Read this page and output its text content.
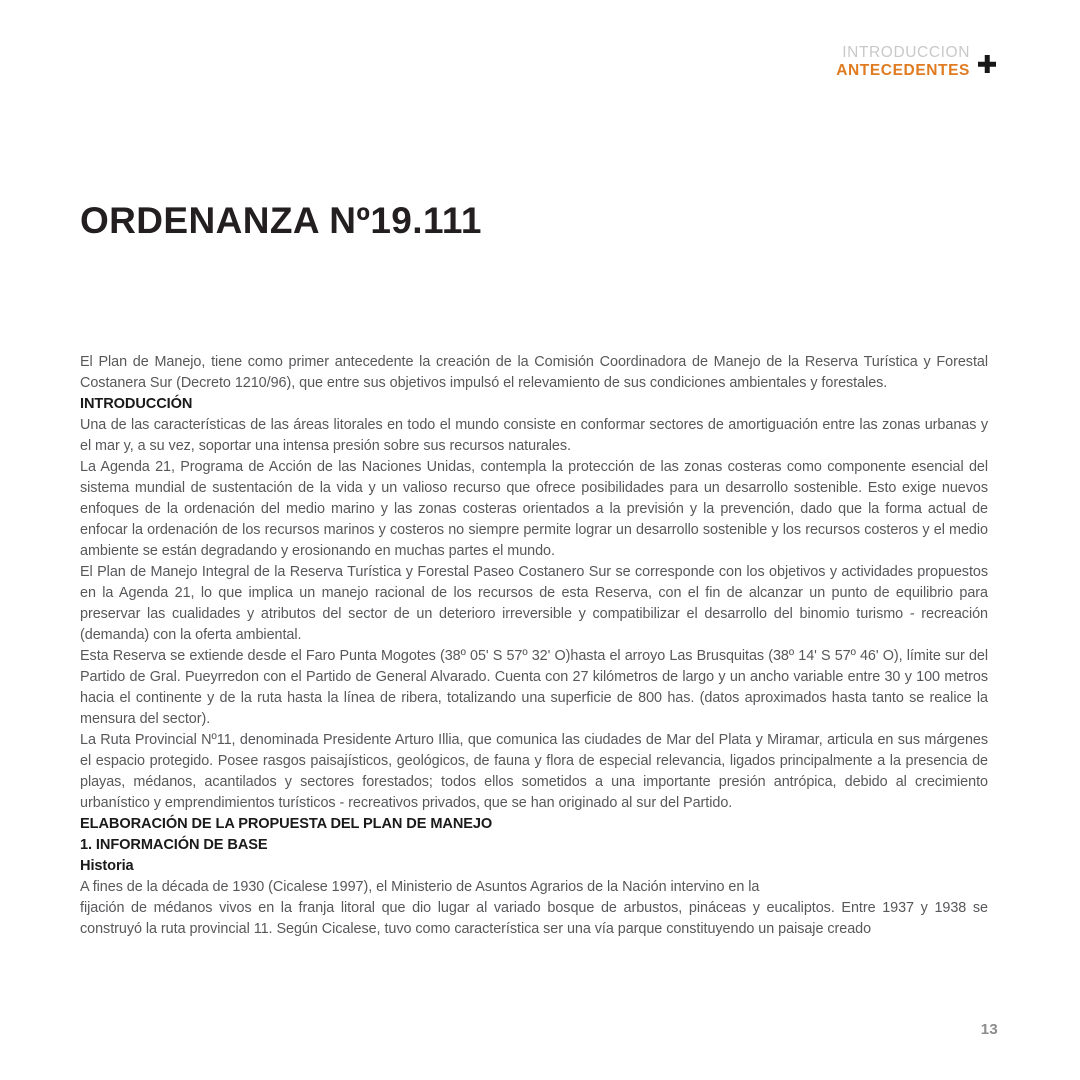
INTRODUCCION
ANTECEDENTES
ORDENANZA Nº19.111

El Plan de Manejo, tiene como primer antecedente la creación de la Comisión Coordinadora de Manejo de la Reserva Turística y Forestal Costanera Sur (Decreto 1210/96), que entre sus objetivos impulsó el relevamiento de sus condiciones ambientales y forestales.

INTRODUCCIÓN

Una de las características de las áreas litorales en todo el mundo consiste en conformar sectores de amortiguación entre las zonas urbanas y el mar y, a su vez, soportar una intensa presión sobre sus recursos naturales.

La Agenda 21, Programa de Acción de las Naciones Unidas, contempla la protección de las zonas costeras como componente esencial del sistema mundial de sustentación de la vida y un valioso recurso que ofrece posibilidades para un desarrollo sostenible. Esto exige nuevos enfoques de la ordenación del medio marino y las zonas costeras orientados a la previsión y la prevención, dado que la forma actual de enfocar la ordenación de los recursos marinos y costeros no siempre permite lograr un desarrollo sostenible y los recursos costeros y el medio ambiente se están degradando y erosionando en muchas partes el mundo.

El Plan de Manejo Integral de la Reserva Turística y Forestal Paseo Costanero Sur se corresponde con los objetivos y actividades propuestos en la Agenda 21, lo que implica un manejo racional de los recursos de esta Reserva, con el fin de alcanzar un punto de equilibrio para preservar las cualidades y atributos del sector de un deterioro irreversible y compatibilizar el desarrollo del binomio turismo - recreación (demanda) con la oferta ambiental.

Esta Reserva se extiende desde el Faro Punta Mogotes (38º 05' S 57º 32' O)hasta el arroyo Las Brusquitas (38º 14' S 57º 46' O), límite sur del Partido de Gral. Pueyrredon con el Partido de General Alvarado. Cuenta con 27 kilómetros de largo y un ancho variable entre 30 y 100 metros hacia el continente y de la ruta hasta la línea de ribera, totalizando una superficie de 800 has. (datos aproximados hasta tanto se realice la mensura del sector).

La Ruta Provincial Nº11, denominada Presidente Arturo Illia, que comunica las ciudades de Mar del Plata y Miramar, articula en sus márgenes el espacio protegido. Posee rasgos paisajísticos, geológicos, de fauna y flora de especial relevancia, ligados principalmente a la presencia de playas, médanos, acantilados y sectores forestados; todos ellos sometidos a una importante presión antrópica, debido al crecimiento urbanístico y emprendimientos turísticos - recreativos privados, que se han originado al sur del Partido.

ELABORACIÓN DE LA PROPUESTA DEL PLAN DE MANEJO

1. INFORMACIÓN DE BASE

Historia

A fines de la década de 1930 (Cicalese 1997), el Ministerio de Asuntos Agrarios de la Nación intervino en la

fijación de médanos vivos en la franja litoral que dio lugar al variado bosque de arbustos, pináceas y eucaliptos. Entre 1937 y 1938 se construyó la ruta provincial 11. Según Cicalese, tuvo como característica ser una vía parque constituyendo un paisaje creado

13
